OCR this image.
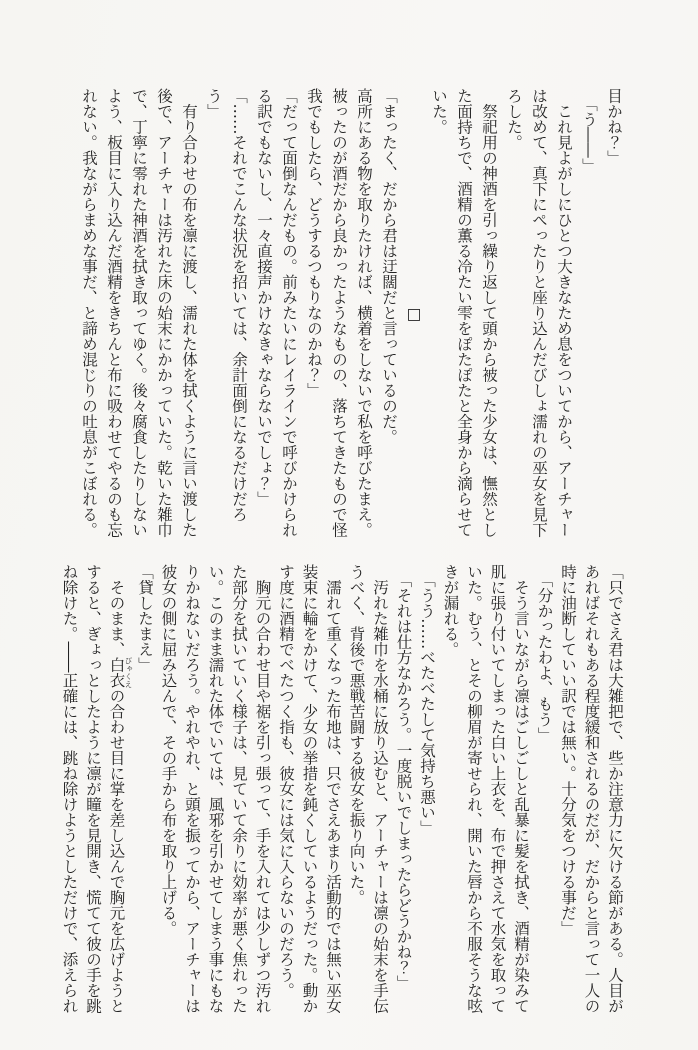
目かね？」

　「う――」

　これ見よがしにひとつ大きなため息をついてから、アーチャーは改めて、真下にぺったりと座り込んだびしょ濡れの巫女を見下ろした。

　祭祀用の神酒を引っ繰り返して頭から被った少女は、憮然とした面持ちで、酒精の薫る冷たい雫をぽたぽたと全身から滴らせていた。

□

「まったく、だから君は迂闊だと言っているのだ。

高所にある物を取りたければ、横着をしないで私を呼びたまえ。被ったのが酒だから良かったようなものの、落ちてきたもので怪我でもしたら、どうするつもりなのかね？」

「だって面倒なんだもの。前みたいにレイラインで呼びかけられる訳でもないし、一々直接声かけなきゃならないでしょ？」

「……それでこんな状況を招いては、余計面倒になるだけだろう」

　有り合わせの布を凛に渡し、濡れた体を拭くように言い渡した後で、アーチャーは汚れた床の始末にかかっていた。乾いた雑巾で、丁寧に零れた神酒を拭き取ってゆく。後々腐食したりしないよう、板目に入り込んだ酒精をきちんと布に吸わせてやるのも忘れない。我ながらまめな事だ、と諦め混じりの吐息がこぼれる。

「只でさえ君は大雑把で、些か注意力に欠ける節がある。人目があればそれもある程度緩和されるのだが、だからと言って一人の時に油断していい訳では無い。十分気をつける事だ」

　「分かったわよ、もう」

　そう言いながら凛はごしごしと乱暴に髪を拭き、酒精が染みて肌に張り付いてしまった白い上衣を、布で押さえて水気を取っていた。むう、とその柳眉が寄せられ、開いた唇から不服そうな呟きが漏れる。

　「うう……べたべたして気持ち悪い」

　「それは仕方なかろう。一度脱いでしまったらどうかね？」

　汚れた雑巾を水桶に放り込むと、アーチャーは凛の始末を手伝うべく、背後で悪戦苦闘する彼女を振り向いた。

　濡れて重くなった布地は、只でさえあまり活動的では無い巫女装束に輪をかけて、少女の挙措を鈍くしているようだった。動かす度に酒精でべたつく指も、彼女には気に入らないのだろう。

　胸元の合わせ目や裾を引っ張って、手を入れては少しずつ汚れた部分を拭いていく様子は、見ていて余りに効率が悪く焦れったい。このまま濡れた体でいては、風邪を引かせてしまう事にもなりかねないだろう。やれやれ、と頭を振ってから、アーチャーは彼女の側に屈み込んで、その手から布を取り上げる。

「貸したまえ」

　そのまま、白衣びゃくえの合わせ目に掌を差し込んで胸元を広げようとすると、ぎょっとしたように凛が瞳を見開き、慌てて彼の手を跳ね除けた。――正確には、跳ね除けようとしただけで、添えられ
